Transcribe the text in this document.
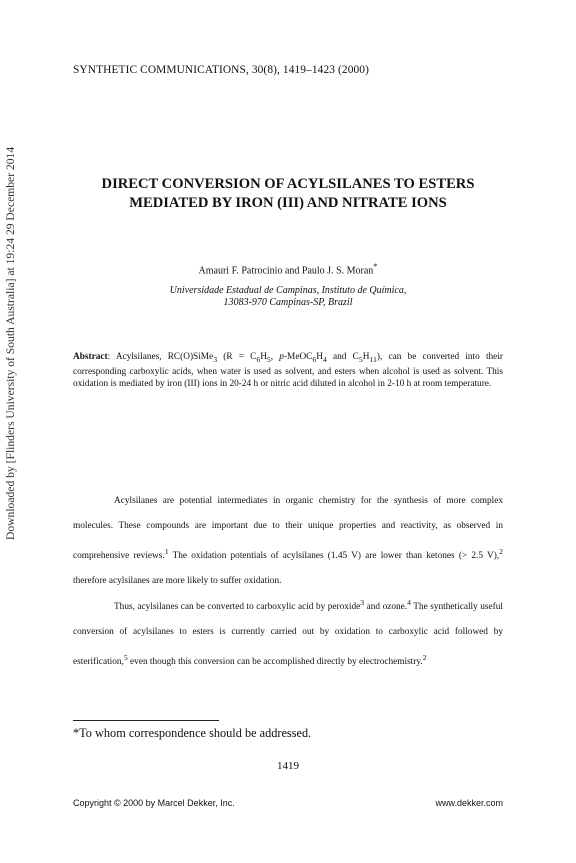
Downloaded by [Flinders University of South Australia] at 19:24 29 December 2014
SYNTHETIC COMMUNICATIONS, 30(8), 1419–1423 (2000)
DIRECT CONVERSION OF ACYLSILANES TO ESTERS
MEDIATED BY IRON (III) AND NITRATE IONS
Amauri F. Patrocínio and Paulo J. S. Moran*
Universidade Estadual de Campinas, Instituto de Química,
13083-970 Campinas-SP, Brazil
Abstract: Acylsilanes, RC(O)SiMe$_3$ ($R = C_6H_5$, $p-MeOC_6H_4$ and $C_5H_{11}$), can be converted into their corresponding carboxylic acids, when water is used as solvent, and esters when alcohol is used as solvent. This oxidation is mediated by iron (III) ions in 20-24 h or nitric acid diluted in alcohol in 2-10 h at room temperature.

Acylsilanes are potential intermediates in organic chemistry for the synthesis of more complex molecules. These compounds are important due to their unique properties and reactivity, as observed in comprehensive reviews.$^1$ The oxidation potentials of acylsilanes (1.45 V) are lower than ketones (> 2.5 V),$^2$ therefore acylsilanes are more likely to suffer oxidation.

Thus, acylsilanes can be converted to carboxylic acid by peroxide$^3$ and ozone.$^4$ The synthetically useful conversion of acylsilanes to esters is currently carried out by oxidation to carboxylic acid followed by esterification,$^5$ even though this conversion can be accomplished directly by electrochemistry.$^2$

*To whom correspondence should be addressed.
1419
Copyright © 2000 by Marcel Dekker, Inc.	www.dekker.com
